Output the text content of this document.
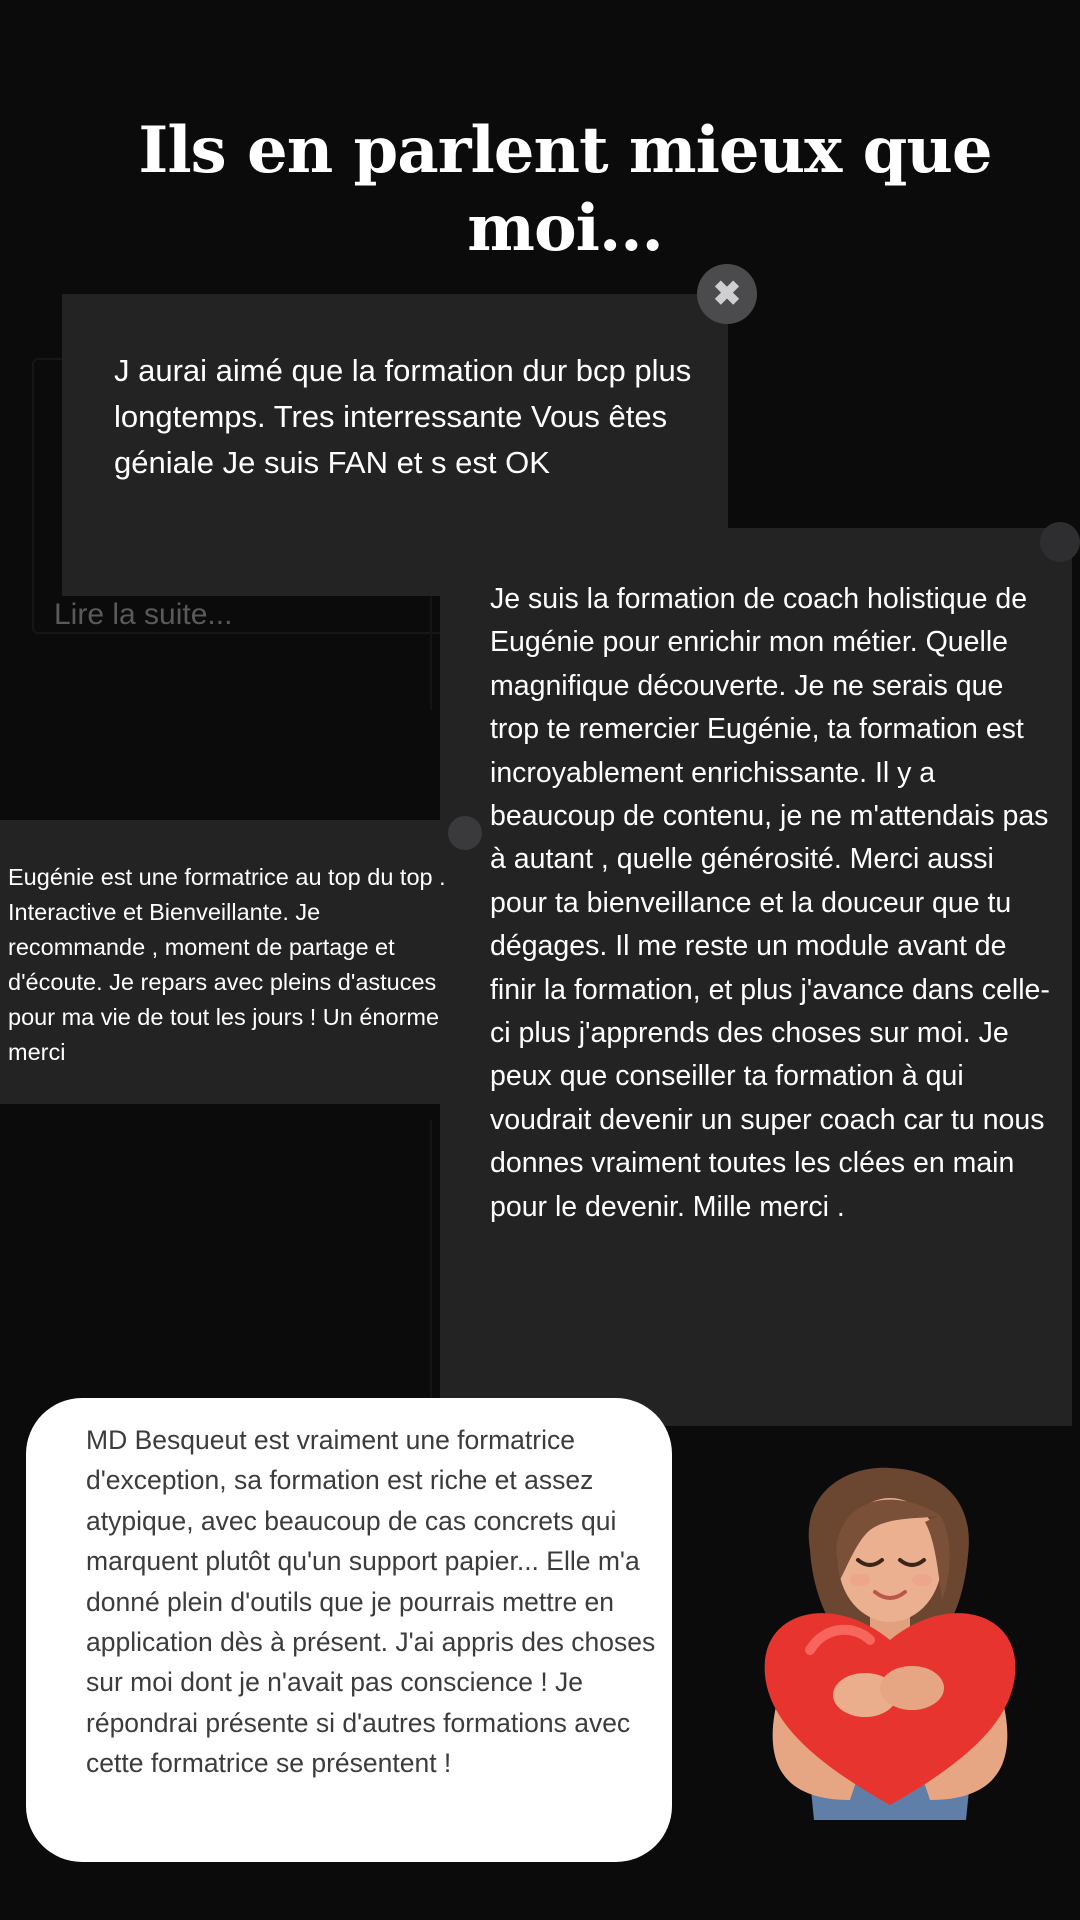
Ils en parlent mieux que
moi...
Lire la suite...
J aurai aimé que la formation dur bcp plus longtemps. Tres interressante Vous êtes géniale Je suis FAN et s est OK
✖
Je suis la formation de coach holistique de Eugénie pour enrichir mon métier. Quelle magnifique découverte. Je ne serais que trop te remercier Eugénie, ta formation est incroyablement enrichissante. Il y a beaucoup de contenu, je ne m'attendais pas à autant , quelle générosité. Merci aussi pour ta bienveillance et la douceur que tu dégages. Il me reste un module avant de finir la formation, et plus j'avance dans celle-ci plus j'apprends des choses sur moi. Je peux que conseiller ta formation à qui voudrait devenir un super coach car tu nous donnes vraiment toutes les clées en main pour le devenir. Mille merci .
Eugénie est une formatrice au top du top . Interactive et Bienveillante. Je recommande , moment de partage et d'écoute. Je repars avec pleins d'astuces pour ma vie de tout les jours ! Un énorme merci
MD Besqueut est vraiment une formatrice d'exception, sa formation est riche et assez atypique, avec beaucoup de cas concrets qui marquent plutôt qu'un support papier... Elle m'a donné plein d'outils que je pourrais mettre en application dès à présent. J'ai appris des choses sur moi dont je n'avait pas conscience ! Je répondrai présente si d'autres formations avec cette formatrice se présentent !
